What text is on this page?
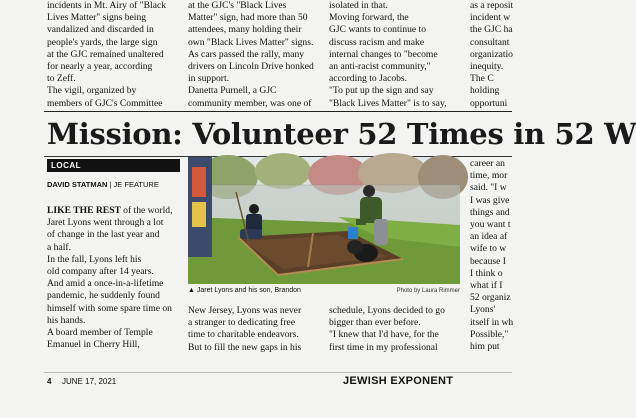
incidents in Mt. Airy of "Black
Lives Matter" signs being
vandalized and discarded in
people's yards, the large sign
at the GJC remained unaltered
for nearly a year, according
to Zeff.
The vigil, organized by
members of GJC's Committee
at the GJC's "Black Lives
Matter" sign, had more than 50
attendees, many holding their
own "Black Lives Matter" signs.
As cars passed the rally, many
drivers on Lincoln Drive honked
in support.
Danetta Purnell, a GJC
community member, was one of
isolated in that.
Moving forward, the
GJC wants to continue to
discuss racism and make
internal changes to "become
an anti-racist community,"
according to Jacobs.
"To put up the sign and say
"Black Lives Matter" is to say,
as a reposit
incident w
the GJC ha
consultant
organizatio
inequity.
The C
holding
opportuni
Mission: Volunteer 52 Times in 52 W
LOCAL
DAVID STATMAN | JE FEATURE
LIKE THE REST of the world,
Jaret Lyons went through a lot
of change in the last year and
a half.
In the fall, Lyons left his
old company after 14 years.
And amid a once-in-a-lifetime
pandemic, he suddenly found
himself with some spare time on
his hands.
A board member of Temple
Emanuel in Cherry Hill,
New Jersey, Lyons was never
a stranger to dedicating free
time to charitable endeavors.
But to fill the new gaps in his
schedule, Lyons decided to go
bigger than ever before.
"I knew that I'd have, for the
first time in my professional
career an
time, mor
said. "I w
I was give
things and
you want t
an idea af
wife to w
because I
I think o
what if I
52 organiz
Lyons'
itself in wh
Possible,"
him put
▲ Jaret Lyons and his son, Brandon	Photo by Laura Rimmer
4 JUNE 17, 2021	JEWISH EXPONENT
